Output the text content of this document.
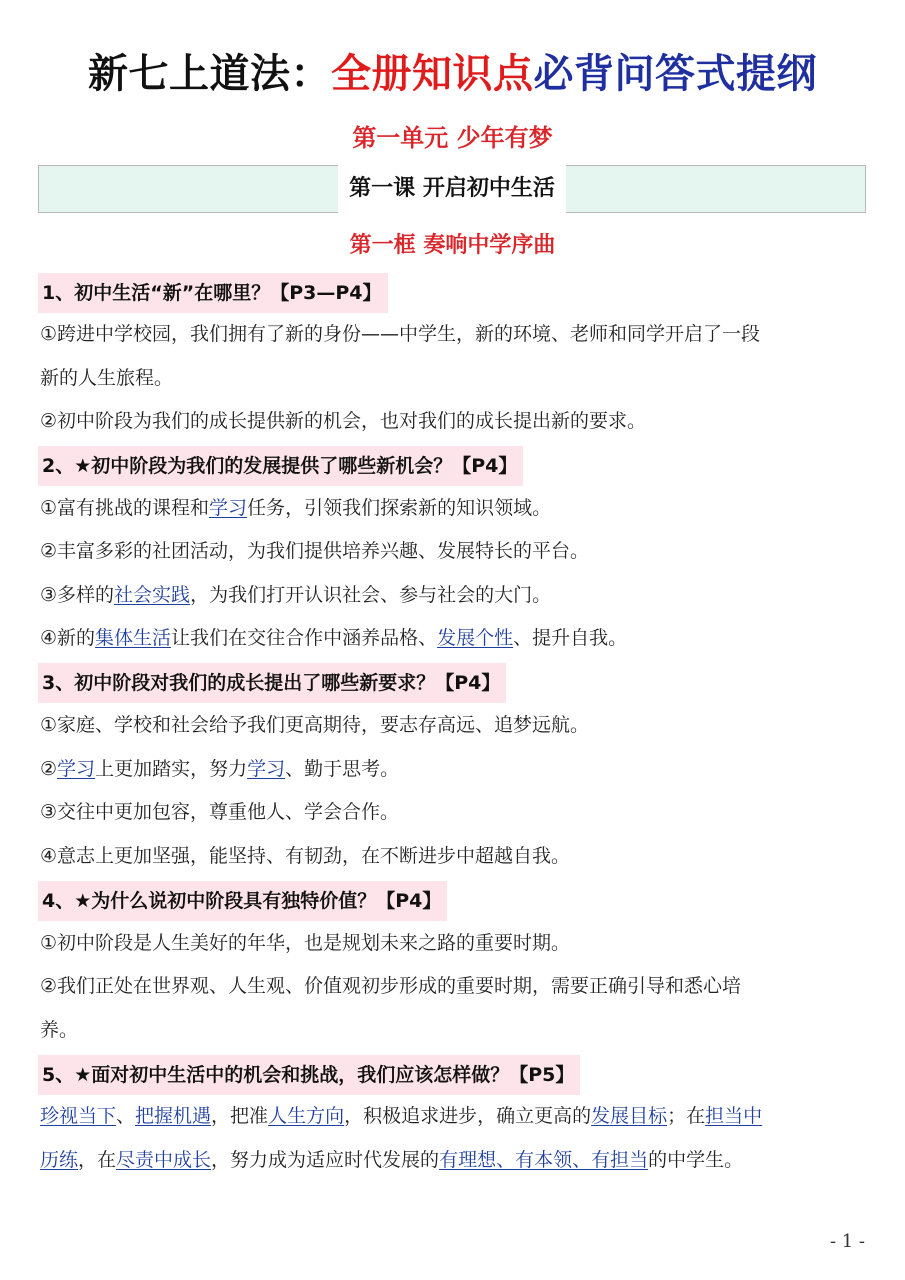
新七上道法：全册知识点必背问答式提纲
第一单元 少年有梦
第一课 开启初中生活
第一框 奏响中学序曲
1、初中生活“新”在哪里？【P3—P4】
①跨进中学校园，我们拥有了新的身份——中学生，新的环境、老师和同学开启了一段
新的人生旅程。
②初中阶段为我们的成长提供新的机会，也对我们的成长提出新的要求。
2、★初中阶段为我们的发展提供了哪些新机会？【P4】
①富有挑战的课程和学习任务，引领我们探索新的知识领域。
②丰富多彩的社团活动，为我们提供培养兴趣、发展特长的平台。
③多样的社会实践，为我们打开认识社会、参与社会的大门。
④新的集体生活让我们在交往合作中涵养品格、发展个性、提升自我。
3、初中阶段对我们的成长提出了哪些新要求？【P4】
①家庭、学校和社会给予我们更高期待，要志存高远、追梦远航。
②学习上更加踏实，努力学习、勤于思考。
③交往中更加包容，尊重他人、学会合作。
④意志上更加坚强，能坚持、有韧劲，在不断进步中超越自我。
4、★为什么说初中阶段具有独特价值？【P4】
①初中阶段是人生美好的年华，也是规划未来之路的重要时期。
②我们正处在世界观、人生观、价值观初步形成的重要时期，需要正确引导和悉心培
养。
5、★面对初中生活中的机会和挑战，我们应该怎样做？【P5】
珍视当下、把握机遇，把准人生方向，积极追求进步，确立更高的发展目标；在担当中
历练，在尽责中成长，努力成为适应时代发展的有理想、有本领、有担当的中学生。
- 1 -
